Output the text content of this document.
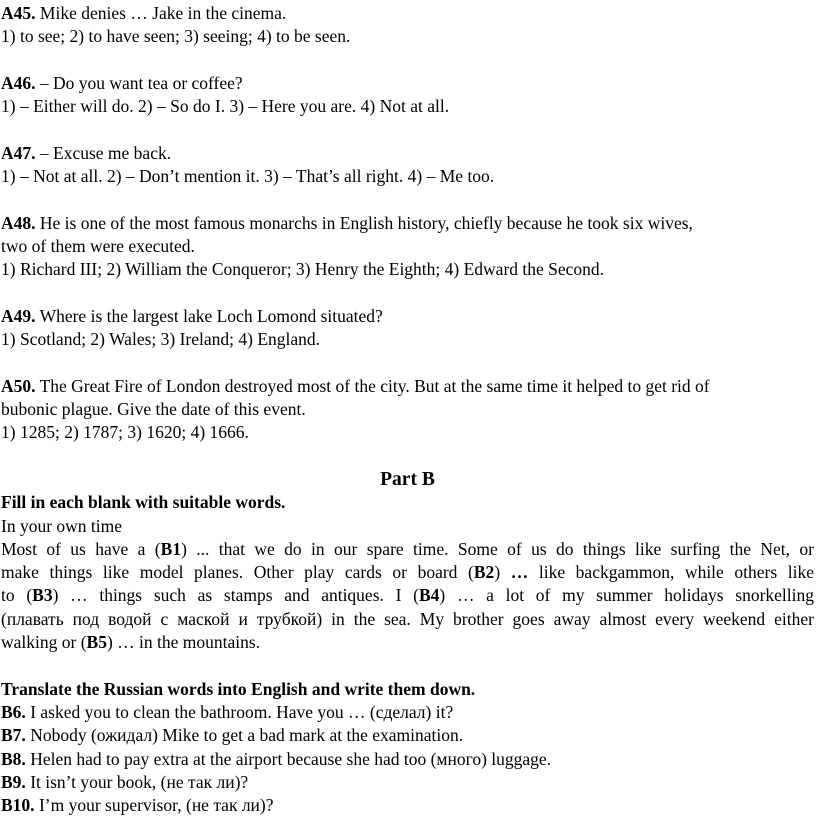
A45. Mike denies … Jake in the cinema.
1) to see; 2) to have seen; 3) seeing; 4) to be seen.
A46. – Do you want tea or coffee?
1) – Either will do. 2) – So do I. 3) – Here you are. 4) Not at all.
A47. – Excuse me back.
1) – Not at all. 2) – Don’t mention it. 3) – That’s all right. 4) – Me too.
A48. He is one of the most famous monarchs in English history, chiefly because he took six wives,
two of them were executed.
1) Richard III; 2) William the Conqueror; 3) Henry the Eighth; 4) Edward the Second.
A49. Where is the largest lake Loch Lomond situated?
1) Scotland; 2) Wales; 3) Ireland; 4) England.
A50. The Great Fire of London destroyed most of the city. But at the same time it helped to get rid of
bubonic plague. Give the date of this event.
1) 1285; 2) 1787; 3) 1620; 4) 1666.
Part B
Fill in each blank with suitable words.
In your own time
Most of us have a (B1) ... that we do in our spare time. Some of us do things like surfing the Net, or
make things like model planes. Other play cards or board (B2) … like backgammon, while others like
to (B3) … things such as stamps and antiques. I (B4) … a lot of my summer holidays snorkelling
(плавать под водой с маской и трубкой) in the sea. My brother goes away almost every weekend either
walking or (B5) … in the mountains.
Translate the Russian words into English and write them down.
B6. I asked you to clean the bathroom. Have you … (сделал) it?
B7. Nobody (ожидал) Mike to get a bad mark at the examination.
B8. Helen had to pay extra at the airport because she had too (много) luggage.
B9. It isn’t your book, (не так ли)?
B10. I’m your supervisor, (не так ли)?
